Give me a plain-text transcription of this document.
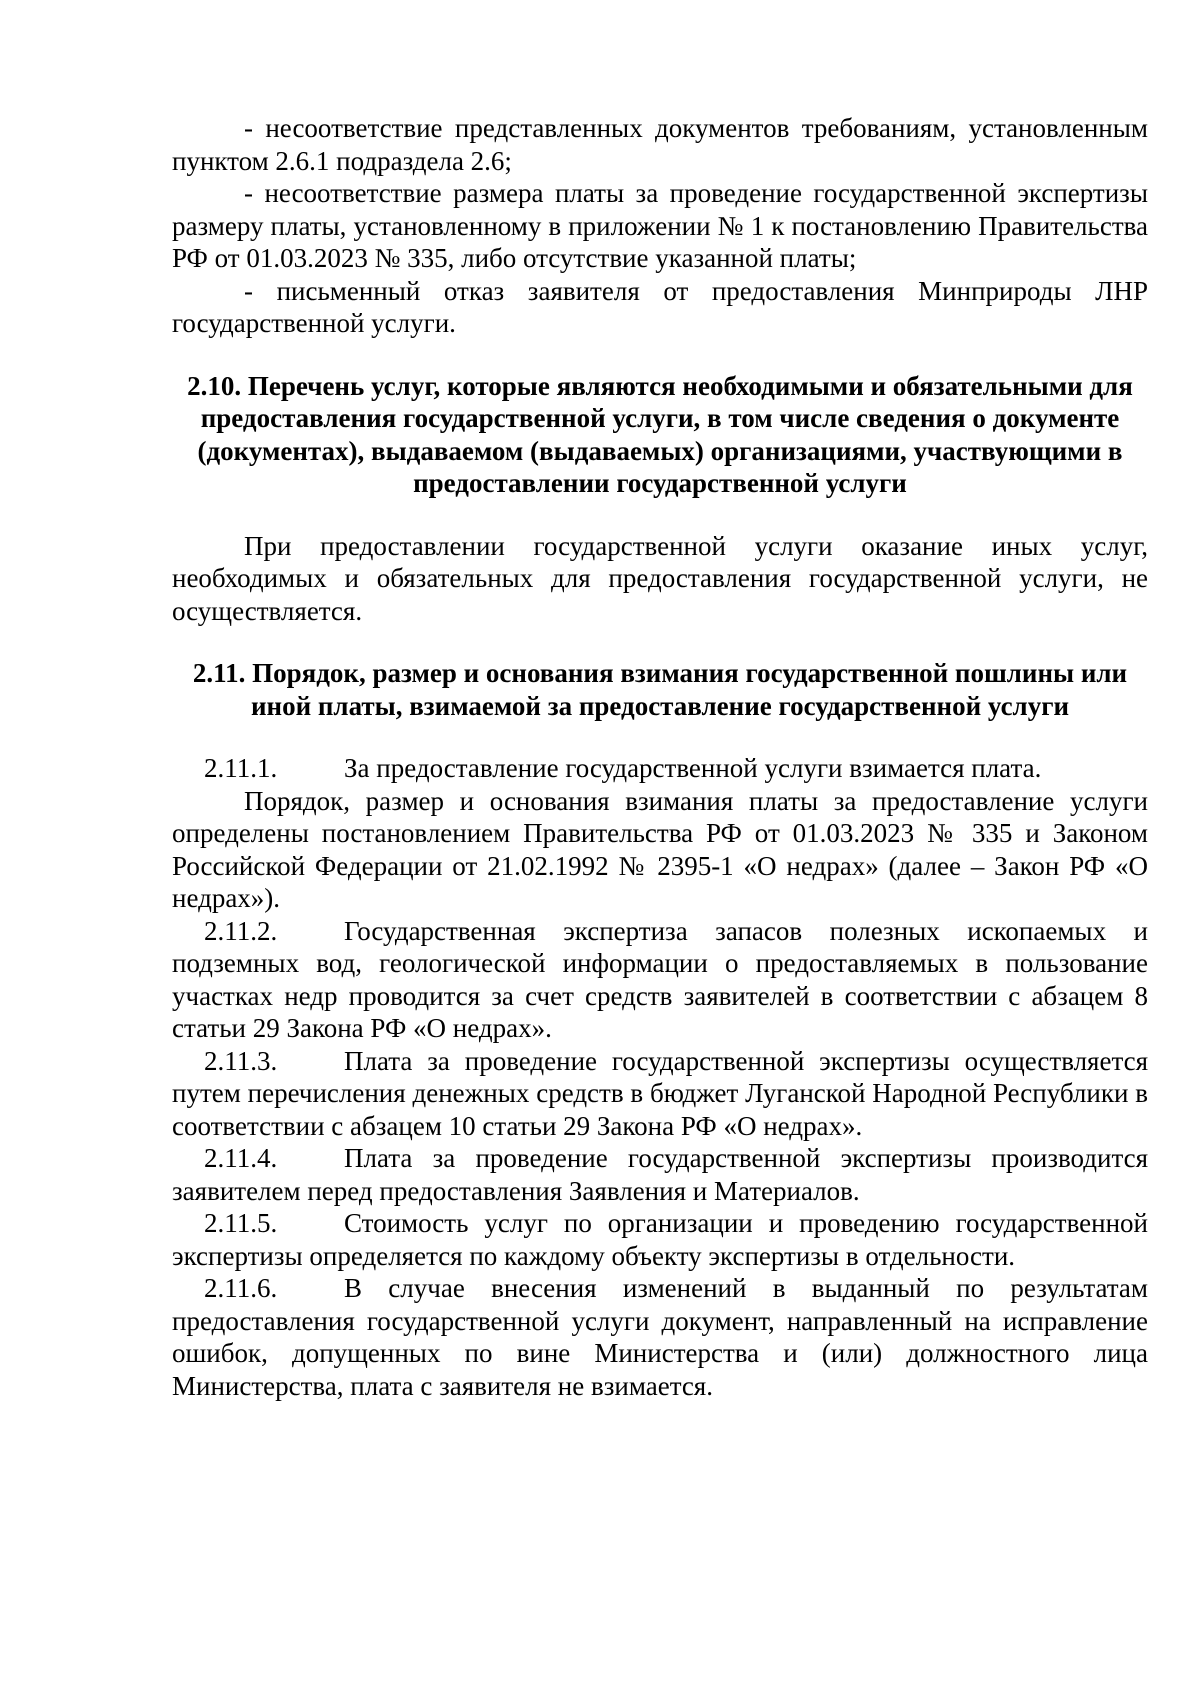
- несоответствие представленных документов требованиям, установленным пунктом 2.6.1 подраздела 2.6;

- несоответствие размера платы за проведение государственной экспертизы размеру платы, установленному в приложении № 1 к постановлению Правительства РФ от 01.03.2023 № 335, либо отсутствие указанной платы;

- письменный отказ заявителя от предоставления Минприроды ЛНР государственной услуги.

2.10. Перечень услуг, которые являются необходимыми и обязательными для предоставления государственной услуги, в том числе сведения о документе (документах), выдаваемом (выдаваемых) организациями, участвующими в предоставлении государственной услуги

При предоставлении государственной услуги оказание иных услуг, необходимых и обязательных для предоставления государственной услуги, не осуществляется.

2.11. Порядок, размер и основания взимания государственной пошлины или иной платы, взимаемой за предоставление государственной услуги
2.11.1.	За предоставление государственной услуги взимается плата.

Порядок, размер и основания взимания платы за предоставление услуги определены постановлением Правительства РФ от 01.03.2023 № 335 и Законом Российской Федерации от 21.02.1992 № 2395-1 «О недрах» (далее – Закон РФ «О недрах»).

2.11.2.	Государственная экспертиза запасов полезных ископаемых и подземных вод, геологической информации о предоставляемых в пользование участках недр проводится за счет средств заявителей в соответствии с абзацем 8 статьи 29 Закона РФ «О недрах».

2.11.3.	Плата за проведение государственной экспертизы осуществляется путем перечисления денежных средств в бюджет Луганской Народной Республики в соответствии с абзацем 10 статьи 29 Закона РФ «О недрах».

2.11.4.	Плата за проведение государственной экспертизы производится заявителем перед предоставления Заявления и Материалов.

2.11.5.	Стоимость услуг по организации и проведению государственной экспертизы определяется по каждому объекту экспертизы в отдельности.

2.11.6.	В случае внесения изменений в выданный по результатам предоставления государственной услуги документ, направленный на исправление ошибок, допущенных по вине Министерства и (или) должностного лица Министерства, плата с заявителя не взимается.
